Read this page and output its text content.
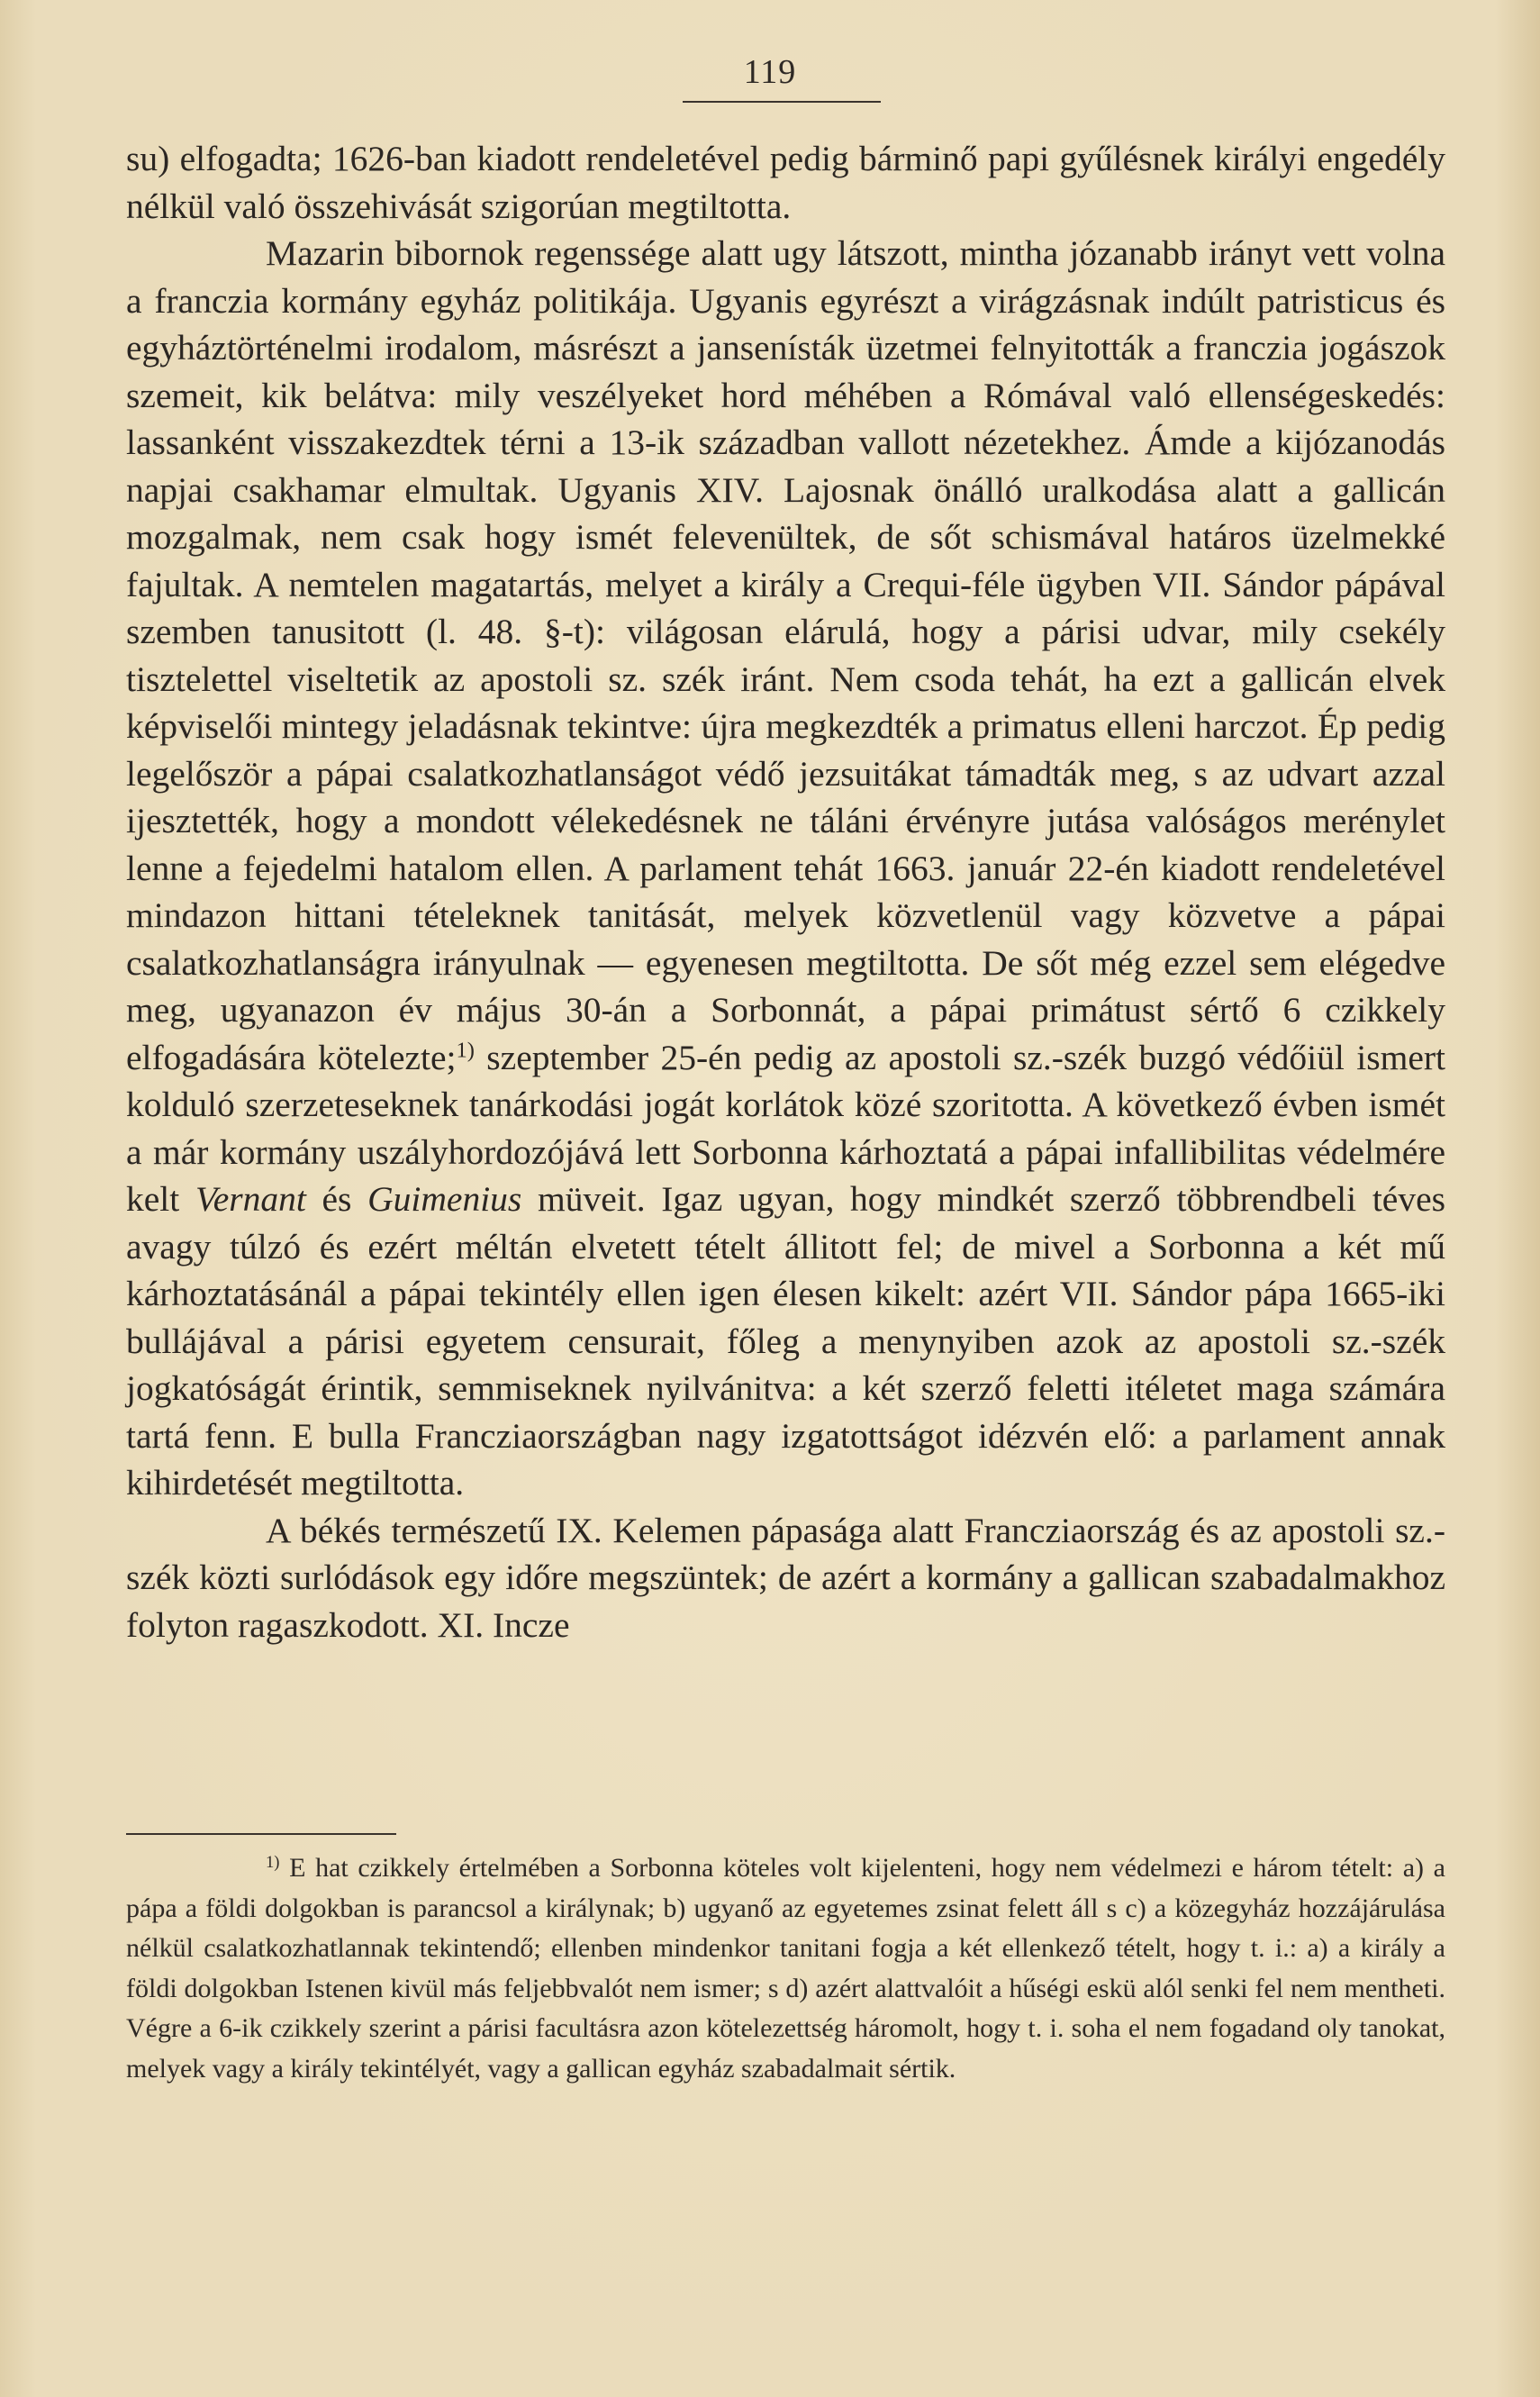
119

su) elfogadta; 1626-ban kiadott rendeletével pedig bárminő papi gyűlésnek királyi engedély nélkül való összehivását szigorúan megtiltotta.

Mazarin bibornok regenssége alatt ugy látszott, mintha józanabb irányt vett volna a franczia kormány egyház politikája. Ugyanis egyrészt a virágzásnak indúlt patristicus és egyháztörténelmi irodalom, másrészt a jansenísták üzetmei felnyitották a franczia jogászok szemeit, kik belátva: mily veszélyeket hord méhében a Rómával való ellenségeskedés: lassanként visszakezdtek térni a 13-ik században vallott nézetekhez. Ámde a kijózanodás napjai csakhamar elmultak. Ugyanis XIV. Lajosnak önálló uralkodása alatt a gallicán mozgalmak, nem csak hogy ismét felevenültek, de sőt schismával határos üzelmekké fajultak. A nemtelen magatartás, melyet a király a Crequi-féle ügyben VII. Sándor pápával szemben tanusitott (l. 48. §-t): világosan elárulá, hogy a párisi udvar, mily csekély tisztelettel viseltetik az apostoli sz. szék iránt. Nem csoda tehát, ha ezt a gallicán elvek képviselői mintegy jeladásnak tekintve: újra megkezdték a primatus elleni harczot. Ép pedig legelőször a pápai csalatkozhatlanságot védő jezsuitákat támadták meg, s az udvart azzal ijesztették, hogy a mondott vélekedésnek ne táláni érvényre jutása valóságos merénylet lenne a fejedelmi hatalom ellen. A parlament tehát 1663. január 22-én kiadott rendeletével mindazon hittani tételeknek tanitását, melyek közvetlenül vagy közvetve a pápai csalatkozhatlanságra irányulnak — egyenesen megtiltotta. De sőt még ezzel sem elégedve meg, ugyanazon év május 30-án a Sorbonnát, a pápai primátust sértő 6 czikkely elfogadására kötelezte;$^{1)}$ szeptember 25-én pedig az apostoli sz.-szék buzgó védőiül ismert kolduló szerzeteseknek tanárkodási jogát korlátok közé szoritotta. A következő évben ismét a már kormány uszályhordozójává lett Sorbonna kárhoztatá a pápai infallibilitas védelmére kelt Vernant és Guimenius müveit. Igaz ugyan, hogy mindkét szerző többrendbeli téves avagy túlzó és ezért méltán elvetett tételt állitott fel; de mivel a Sorbonna a két mű kárhoztatásánál a pápai tekintély ellen igen élesen kikelt: azért VII. Sándor pápa 1665-iki bullájával a párisi egyetem censurait, főleg a menynyiben azok az apostoli sz.-szék jogkatóságát érintik, semmiseknek nyilvánitva: a két szerző feletti itéletet maga számára tartá fenn. E bulla Francziaországban nagy izgatottságot idézvén elő: a parlament annak kihirdetését megtiltotta.

A békés természetű IX. Kelemen pápasága alatt Francziaország és az apostoli sz.-szék közti surlódások egy időre megszüntek; de azért a kormány a gallican szabadalmakhoz folyton ragaszkodott. XI. Incze

$^{1)}$ E hat czikkely értelmében a Sorbonna köteles volt kijelenteni, hogy nem védelmezi e három tételt: a) a pápa a földi dolgokban is parancsol a királynak; b) ugyanő az egyetemes zsinat felett áll s c) a közegyház hozzájárulása nélkül csalatkozhatlannak tekintendő; ellenben mindenkor tanitani fogja a két ellenkező tételt, hogy t. i.: a) a király a földi dolgokban Istenen kivül más feljebbvalót nem ismer; s d) azért alattvalóit a hűségi eskü alól senki fel nem mentheti. Végre a 6-ik czikkely szerint a párisi facultásra azon kötelezettség háromolt, hogy t. i. soha el nem fogadand oly tanokat, melyek vagy a király tekintélyét, vagy a gallican egyház szabadalmait sértik.
